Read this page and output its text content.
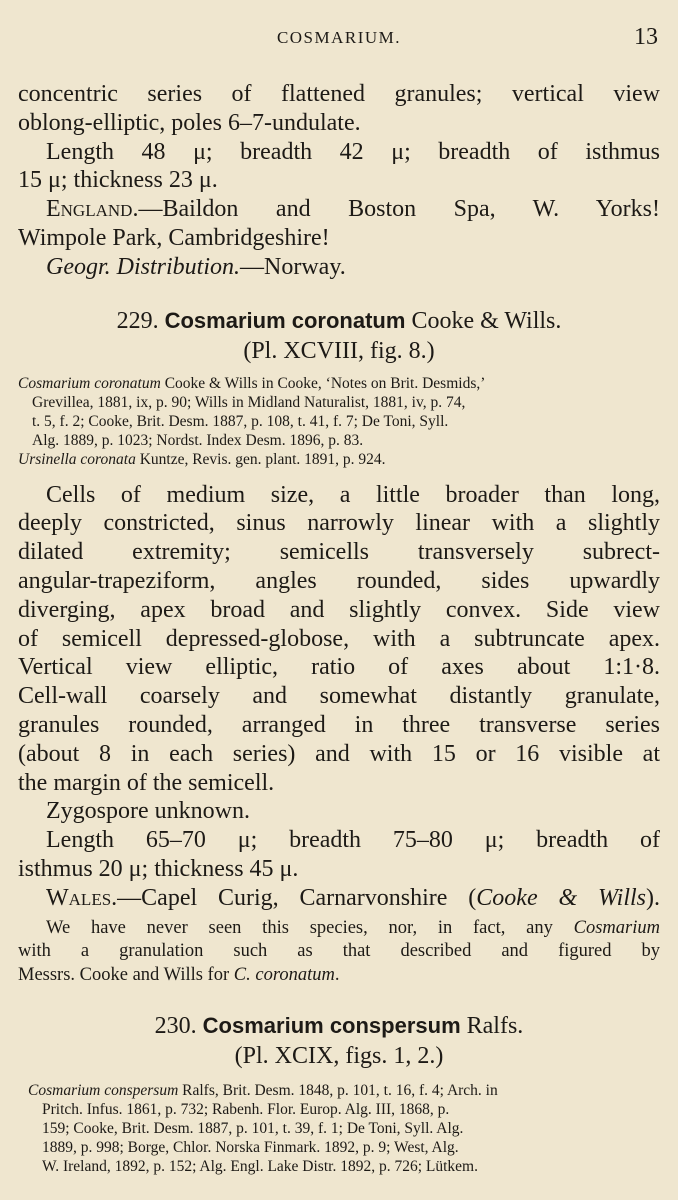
COSMARIUM.	13

concentric series of flattened granules; vertical view

oblong-elliptic, poles 6–7-undulate.

Length 48 μ; breadth 42 μ; breadth of isthmus

15 μ; thickness 23 μ.

England.—Baildon and Boston Spa, W. Yorks!

Wimpole Park, Cambridgeshire!

Geogr. Distribution.—Norway.

229. Cosmarium coronatum Cooke & Wills.

(Pl. XCVIII, fig. 8.)

Cosmarium coronatum Cooke & Wills in Cooke, ‘Notes on Brit. Desmids,’
Grevillea, 1881, ix, p. 90; Wills in Midland Naturalist, 1881, iv, p. 74,
t. 5, f. 2; Cooke, Brit. Desm. 1887, p. 108, t. 41, f. 7; De Toni, Syll.
Alg. 1889, p. 1023; Nordst. Index Desm. 1896, p. 83.
Ursinella coronata Kuntze, Revis. gen. plant. 1891, p. 924.

Cells of medium size, a little broader than long,

deeply constricted, sinus narrowly linear with a slightly

dilated extremity; semicells transversely subrect-

angular-trapeziform, angles rounded, sides upwardly

diverging, apex broad and slightly convex. Side view

of semicell depressed-globose, with a subtruncate apex.

Vertical view elliptic, ratio of axes about 1:1·8.

Cell-wall coarsely and somewhat distantly granulate,

granules rounded, arranged in three transverse series

(about 8 in each series) and with 15 or 16 visible at

the margin of the semicell.

Zygospore unknown.

Length 65–70 μ; breadth 75–80 μ; breadth of

isthmus 20 μ; thickness 45 μ.

Wales.—Capel Curig, Carnarvonshire (Cooke & Wills).

We have never seen this species, nor, in fact, any Cosmarium

with a granulation such as that described and figured by

Messrs. Cooke and Wills for C. coronatum.

230. Cosmarium conspersum Ralfs.

(Pl. XCIX, figs. 1, 2.)

Cosmarium conspersum Ralfs, Brit. Desm. 1848, p. 101, t. 16, f. 4; Arch. in
Pritch. Infus. 1861, p. 732; Rabenh. Flor. Europ. Alg. III, 1868, p.
159; Cooke, Brit. Desm. 1887, p. 101, t. 39, f. 1; De Toni, Syll. Alg.
1889, p. 998; Borge, Chlor. Norska Finmark. 1892, p. 9; West, Alg.
W. Ireland, 1892, p. 152; Alg. Engl. Lake Distr. 1892, p. 726; Lütkem.
